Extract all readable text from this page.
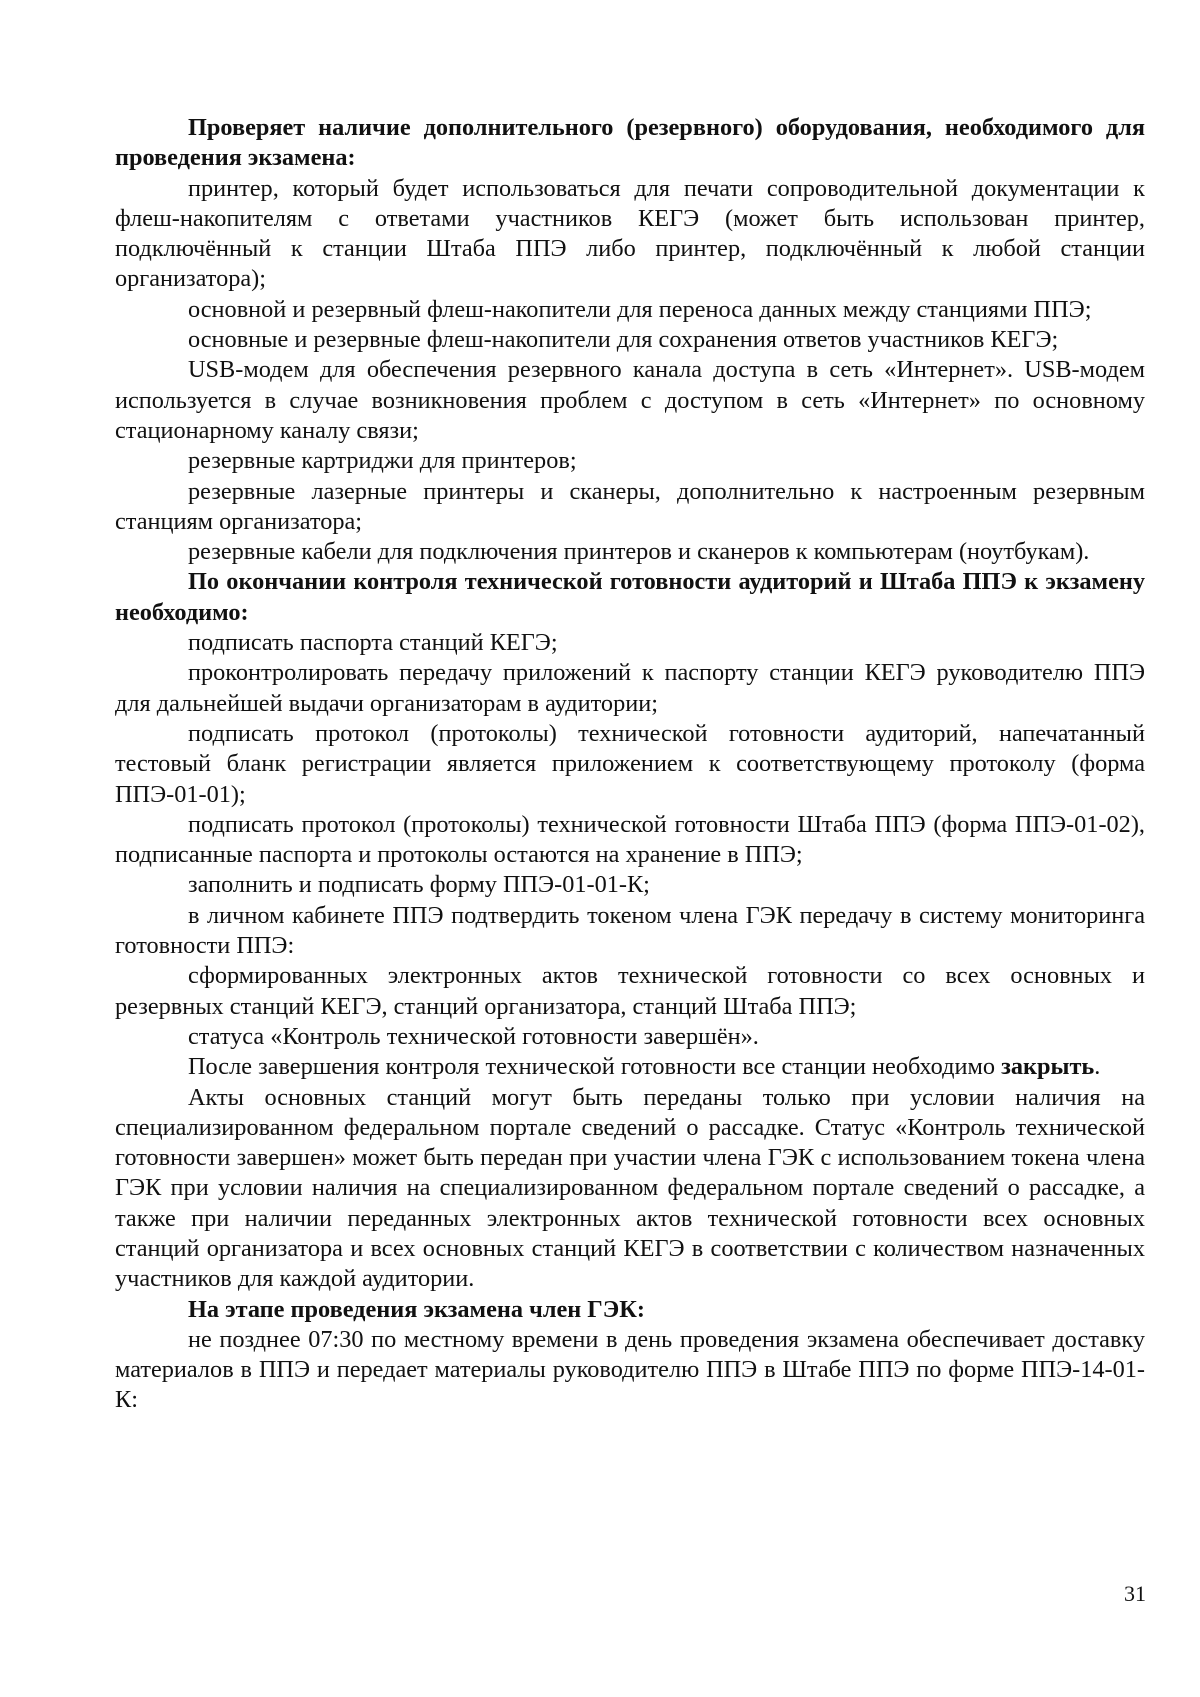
Проверяет наличие дополнительного (резервного) оборудования, необходимого для проведения экзамена:

принтер, который будет использоваться для печати сопроводительной документации к флеш-накопителям с ответами участников КЕГЭ (может быть использован принтер, подключённый к станции Штаба ППЭ либо принтер, подключённый к любой станции организатора);

основной и резервный флеш-накопители для переноса данных между станциями ППЭ;

основные и резервные флеш-накопители для сохранения ответов участников КЕГЭ;

USB-модем для обеспечения резервного канала доступа в сеть «Интернет». USB-модем используется в случае возникновения проблем с доступом в сеть «Интернет» по основному стационарному каналу связи;

резервные картриджи для принтеров;

резервные лазерные принтеры и сканеры, дополнительно к настроенным резервным станциям организатора;

резервные кабели для подключения принтеров и сканеров к компьютерам (ноутбукам).

По окончании контроля технической готовности аудиторий и Штаба ППЭ к экзамену необходимо:

подписать паспорта станций КЕГЭ;

проконтролировать передачу приложений к паспорту станции КЕГЭ руководителю ППЭ для дальнейшей выдачи организаторам в аудитории;

подписать протокол (протоколы) технической готовности аудиторий, напечатанный тестовый бланк регистрации является приложением к соответствующему протоколу (форма ППЭ-01-01);

подписать протокол (протоколы) технической готовности Штаба ППЭ (форма ППЭ-01-02), подписанные паспорта и протоколы остаются на хранение в ППЭ;

заполнить и подписать форму ППЭ-01-01-К;

в личном кабинете ППЭ подтвердить токеном члена ГЭК передачу в систему мониторинга готовности ППЭ:

сформированных электронных актов технической готовности со всех основных и резервных станций КЕГЭ, станций организатора, станций Штаба ППЭ;

статуса «Контроль технической готовности завершён».

После завершения контроля технической готовности все станции необходимо закрыть.

Акты основных станций могут быть переданы только при условии наличия на специализированном федеральном портале сведений о рассадке. Статус «Контроль технической готовности завершен» может быть передан при участии члена ГЭК с использованием токена члена ГЭК при условии наличия на специализированном федеральном портале сведений о рассадке, а также при наличии переданных электронных актов технической готовности всех основных станций организатора и всех основных станций КЕГЭ в соответствии с количеством назначенных участников для каждой аудитории.

На этапе проведения экзамена член ГЭК:

не позднее 07:30 по местному времени в день проведения экзамена обеспечивает доставку материалов в ППЭ и передает материалы руководителю ППЭ в Штабе ППЭ по форме ППЭ-14-01-К:

31
